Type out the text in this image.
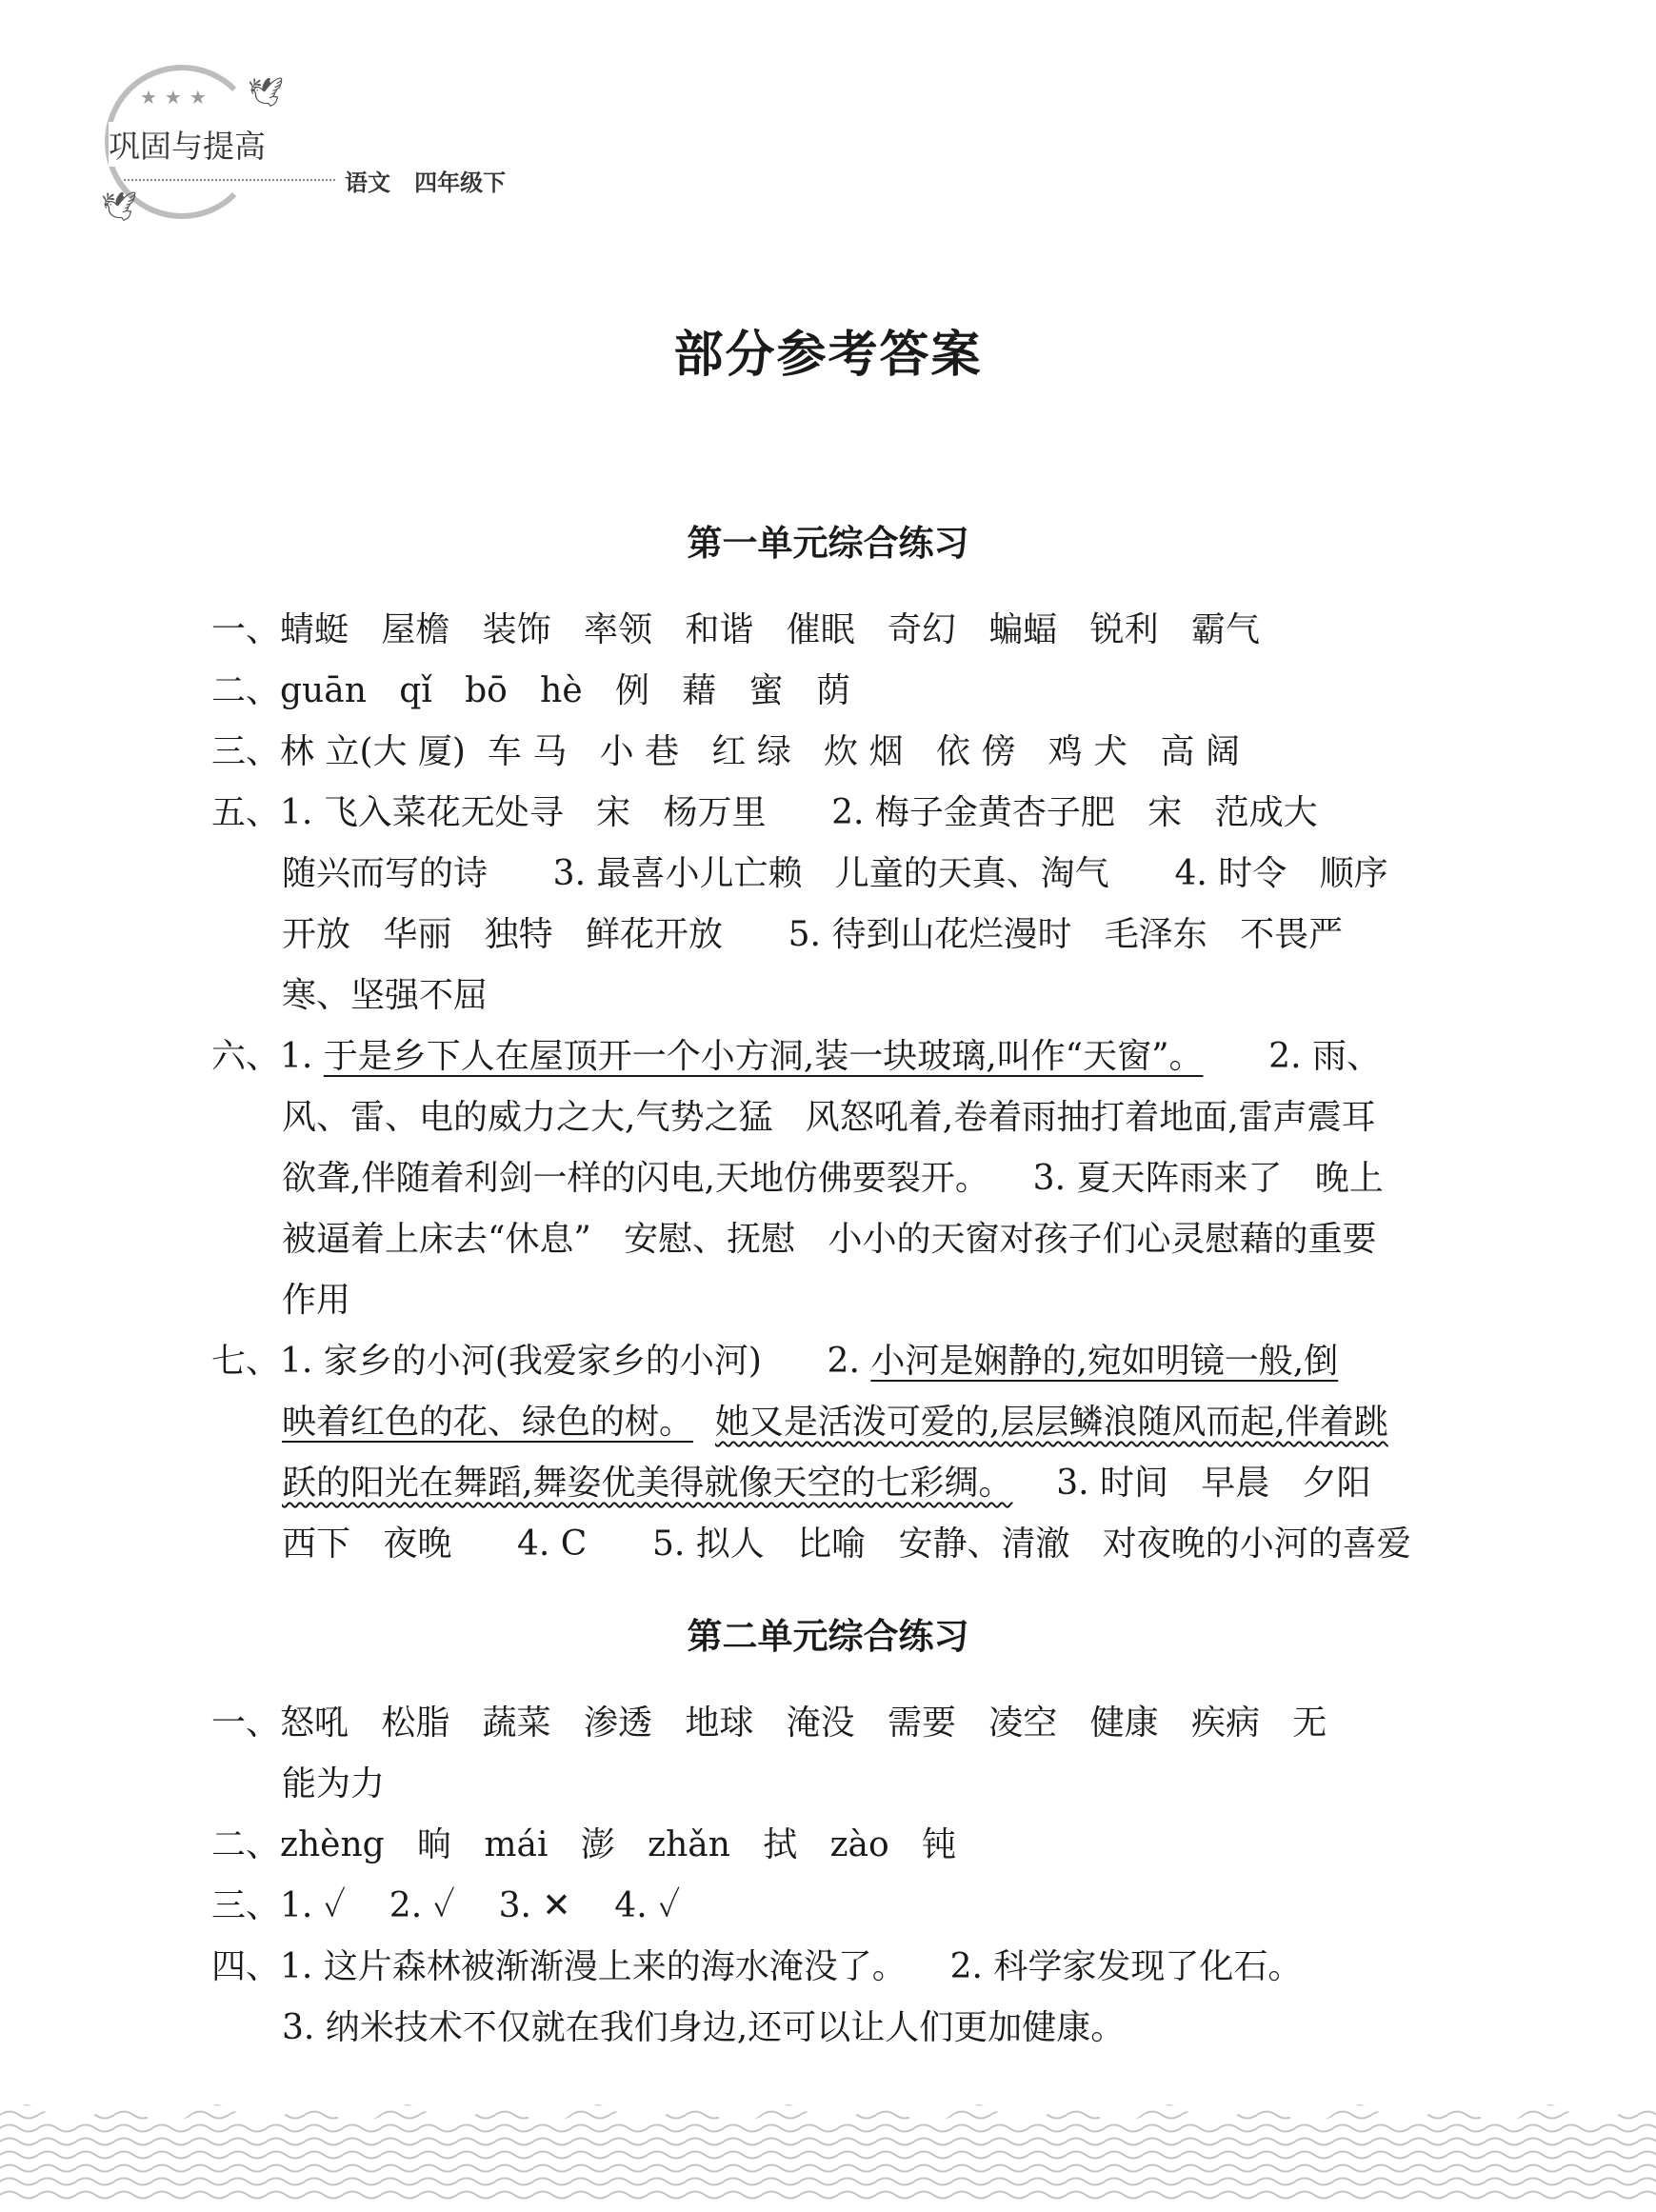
★★★ 🕊
🕊
巩固与提高
语文   四年级下
部分参考答案
第一单元综合练习
一、蜻蜓   屋檐   装饰   率领   和谐   催眠   奇幻   蝙蝠   锐利   霸气
二、guān   qǐ   bō   hè   例   藉   蜜   荫
三、林 立(大 厦)  车 马   小 巷   红 绿   炊 烟   依 傍   鸡 犬   高 阔
五、1. 飞入菜花无处寻   宋   杨万里      2. 梅子金黄杏子肥   宋   范成大
随兴而写的诗      3. 最喜小儿亡赖   儿童的天真、淘气      4. 时令   顺序
开放   华丽   独特   鲜花开放      5. 待到山花烂漫时   毛泽东   不畏严
寒、坚强不屈
六、1. 于是乡下人在屋顶开一个小方洞,装一块玻璃,叫作“天窗”。      2. 雨、
风、雷、电的威力之大,气势之猛   风怒吼着,卷着雨抽打着地面,雷声震耳
欲聋,伴随着利剑一样的闪电,天地仿佛要裂开。    3. 夏天阵雨来了   晚上
被逼着上床去“休息”   安慰、抚慰   小小的天窗对孩子们心灵慰藉的重要
作用
七、1. 家乡的小河(我爱家乡的小河)      2. 小河是娴静的,宛如明镜一般,倒
映着红色的花、绿色的树。 她又是活泼可爱的,层层鳞浪随风而起,伴着跳
跃的阳光在舞蹈,舞姿优美得就像天空的七彩绸。    3. 时间   早晨   夕阳
西下   夜晚      4. C      5. 拟人   比喻   安静、清澈   对夜晚的小河的喜爱
第二单元综合练习
一、怒吼   松脂   蔬菜   渗透   地球   淹没   需要   凌空   健康   疾病   无
能为力
二、zhèng   晌   mái   澎   zhǎn   拭   zào   钝
三、1. ✓    2. ✓    3. ✕    4. ✓
四、1. 这片森林被渐渐漫上来的海水淹没了。    2. 科学家发现了化石。
3. 纳米技术不仅就在我们身边,还可以让人们更加健康。
